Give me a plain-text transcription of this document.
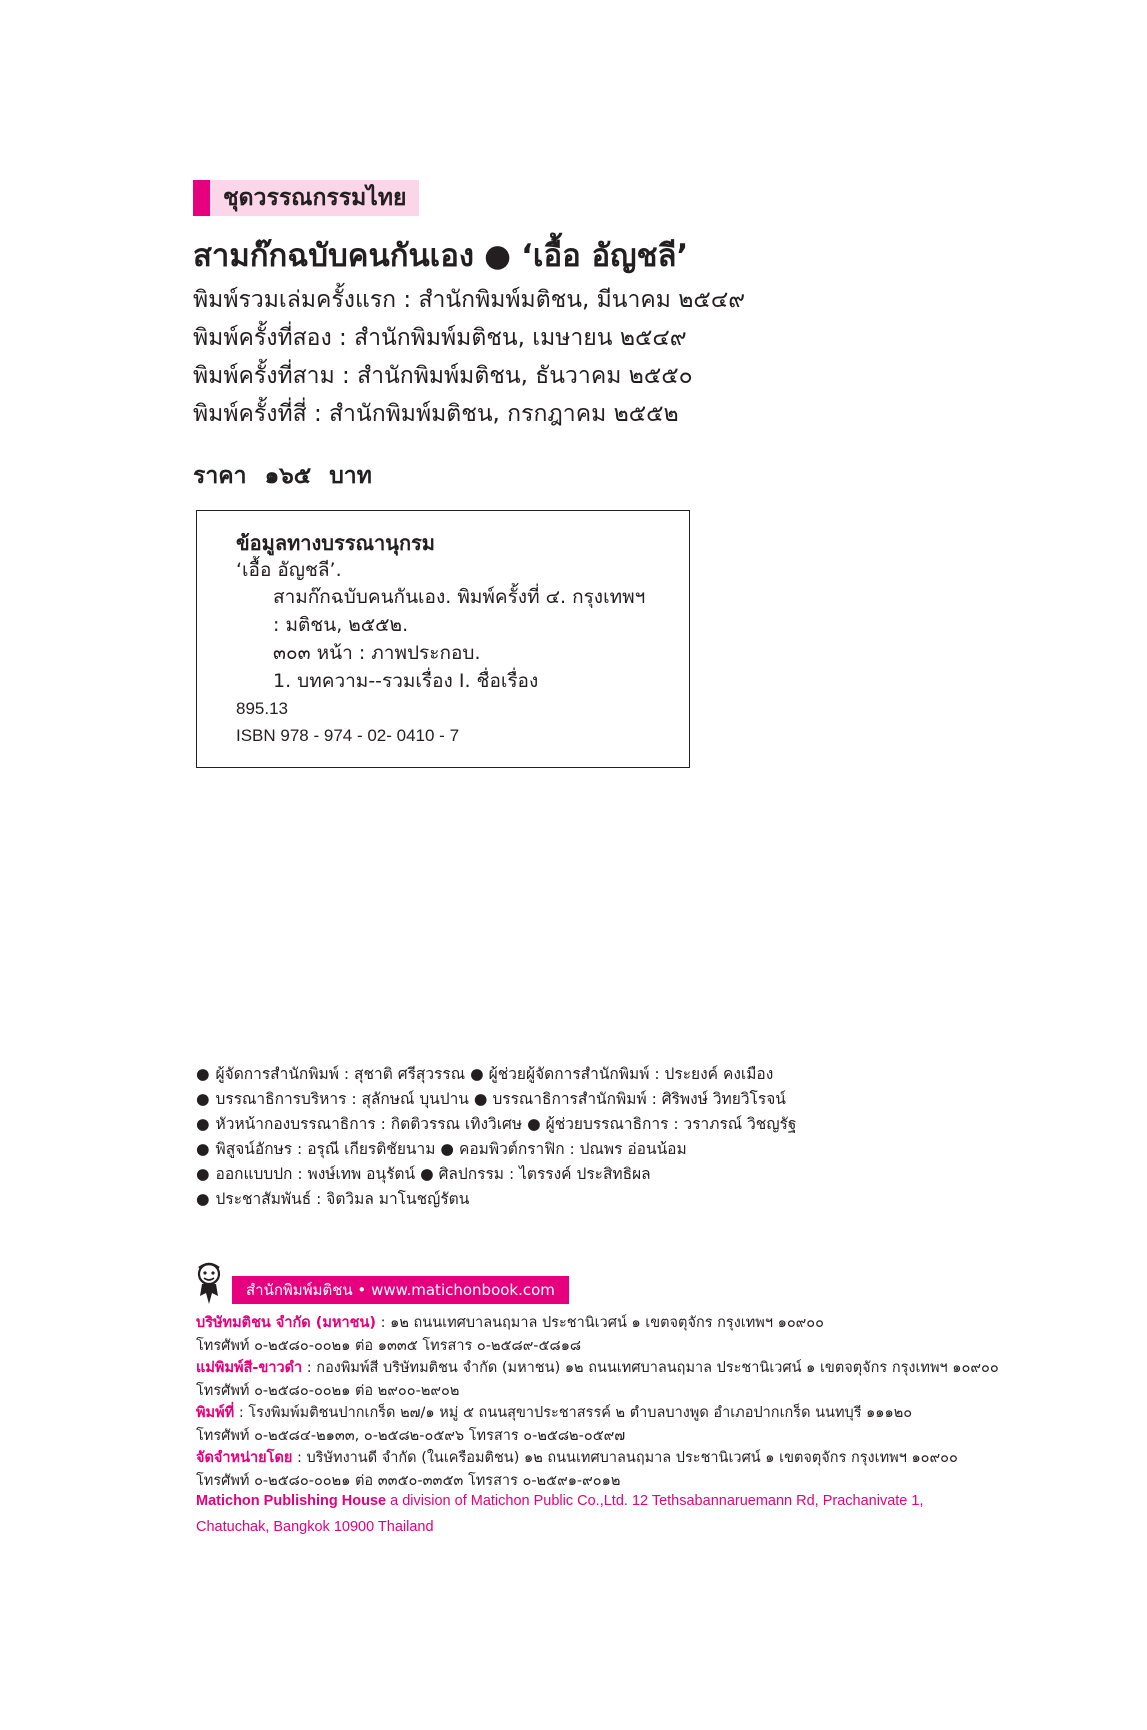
ชุดวรรณกรรมไทย
สามก๊กฉบับคนกันเอง ● ‘เอื้อ อัญชลี’
พิมพ์รวมเล่มครั้งแรก : สำนักพิมพ์มติชน, มีนาคม ๒๕๔๙
พิมพ์ครั้งที่สอง : สำนักพิมพ์มติชน, เมษายน ๒๕๔๙
พิมพ์ครั้งที่สาม : สำนักพิมพ์มติชน, ธันวาคม ๒๕๕๐
พิมพ์ครั้งที่สี่ : สำนักพิมพ์มติชน, กรกฎาคม ๒๕๕๒
ราคา ๑๖๕ บาท
ข้อมูลทางบรรณานุกรม
‘เอื้อ อัญชลี’.
สามก๊กฉบับคนกันเอง. พิมพ์ครั้งที่ ๔. กรุงเทพฯ
: มติชน, ๒๕๕๒.
๓๐๓ หน้า : ภาพประกอบ.
1. บทความ--รวมเรื่อง I. ชื่อเรื่อง
895.13
ISBN 978 - 974 - 02- 0410 - 7
● ผู้จัดการสำนักพิมพ์ : สุชาติ ศรีสุวรรณ ● ผู้ช่วยผู้จัดการสำนักพิมพ์ : ประยงค์ คงเมือง
● บรรณาธิการบริหาร : สุลักษณ์ บุนปาน ● บรรณาธิการสำนักพิมพ์ : ศิริพงษ์ วิทยวิโรจน์
● หัวหน้ากองบรรณาธิการ : กิตติวรรณ เทิงวิเศษ ● ผู้ช่วยบรรณาธิการ : วราภรณ์ วิชญรัฐ
● พิสูจน์อักษร : อรุณี เกียรติชัยนาม ● คอมพิวต์กราฟิก : ปณพร อ่อนน้อม
● ออกแบบปก : พงษ์เทพ อนุรัตน์ ● ศิลปกรรม : ไตรรงค์ ประสิทธิผล
● ประชาสัมพันธ์ : จิตวิมล มาโนชญ์รัตน
สำนักพิมพ์มติชน • www.matichonbook.com
บริษัทมติชน จำกัด (มหาชน) : ๑๒ ถนนเทศบาลนฤมาล ประชานิเวศน์ ๑ เขตจตุจักร กรุงเทพฯ ๑๐๙๐๐
โทรศัพท์ ๐-๒๕๘๐-๐๐๒๑ ต่อ ๑๓๓๕ โทรสาร ๐-๒๕๘๙-๕๘๑๘
แม่พิมพ์สี-ขาวดำ : กองพิมพ์สี บริษัทมติชน จำกัด (มหาชน) ๑๒ ถนนเทศบาลนฤมาล ประชานิเวศน์ ๑ เขตจตุจักร กรุงเทพฯ ๑๐๙๐๐
โทรศัพท์ ๐-๒๕๘๐-๐๐๒๑ ต่อ ๒๙๐๐-๒๙๐๒
พิมพ์ที่ : โรงพิมพ์มติชนปากเกร็ด ๒๗/๑ หมู่ ๕ ถนนสุขาประชาสรรค์ ๒ ตำบลบางพูด อำเภอปากเกร็ด นนทบุรี ๑๑๑๒๐
โทรศัพท์ ๐-๒๕๘๔-๒๑๓๓, ๐-๒๕๘๒-๐๕๙๖ โทรสาร ๐-๒๕๘๒-๐๕๙๗
จัดจำหน่ายโดย : บริษัทงานดี จำกัด (ในเครือมติชน) ๑๒ ถนนเทศบาลนฤมาล ประชานิเวศน์ ๑ เขตจตุจักร กรุงเทพฯ ๑๐๙๐๐
โทรศัพท์ ๐-๒๕๘๐-๐๐๒๑ ต่อ ๓๓๕๐-๓๓๕๓ โทรสาร ๐-๒๕๙๑-๙๐๑๒
Matichon Publishing House a division of Matichon Public Co.,Ltd. 12 Tethsabannaruemann Rd, Prachanivate 1,
Chatuchak, Bangkok 10900 Thailand
